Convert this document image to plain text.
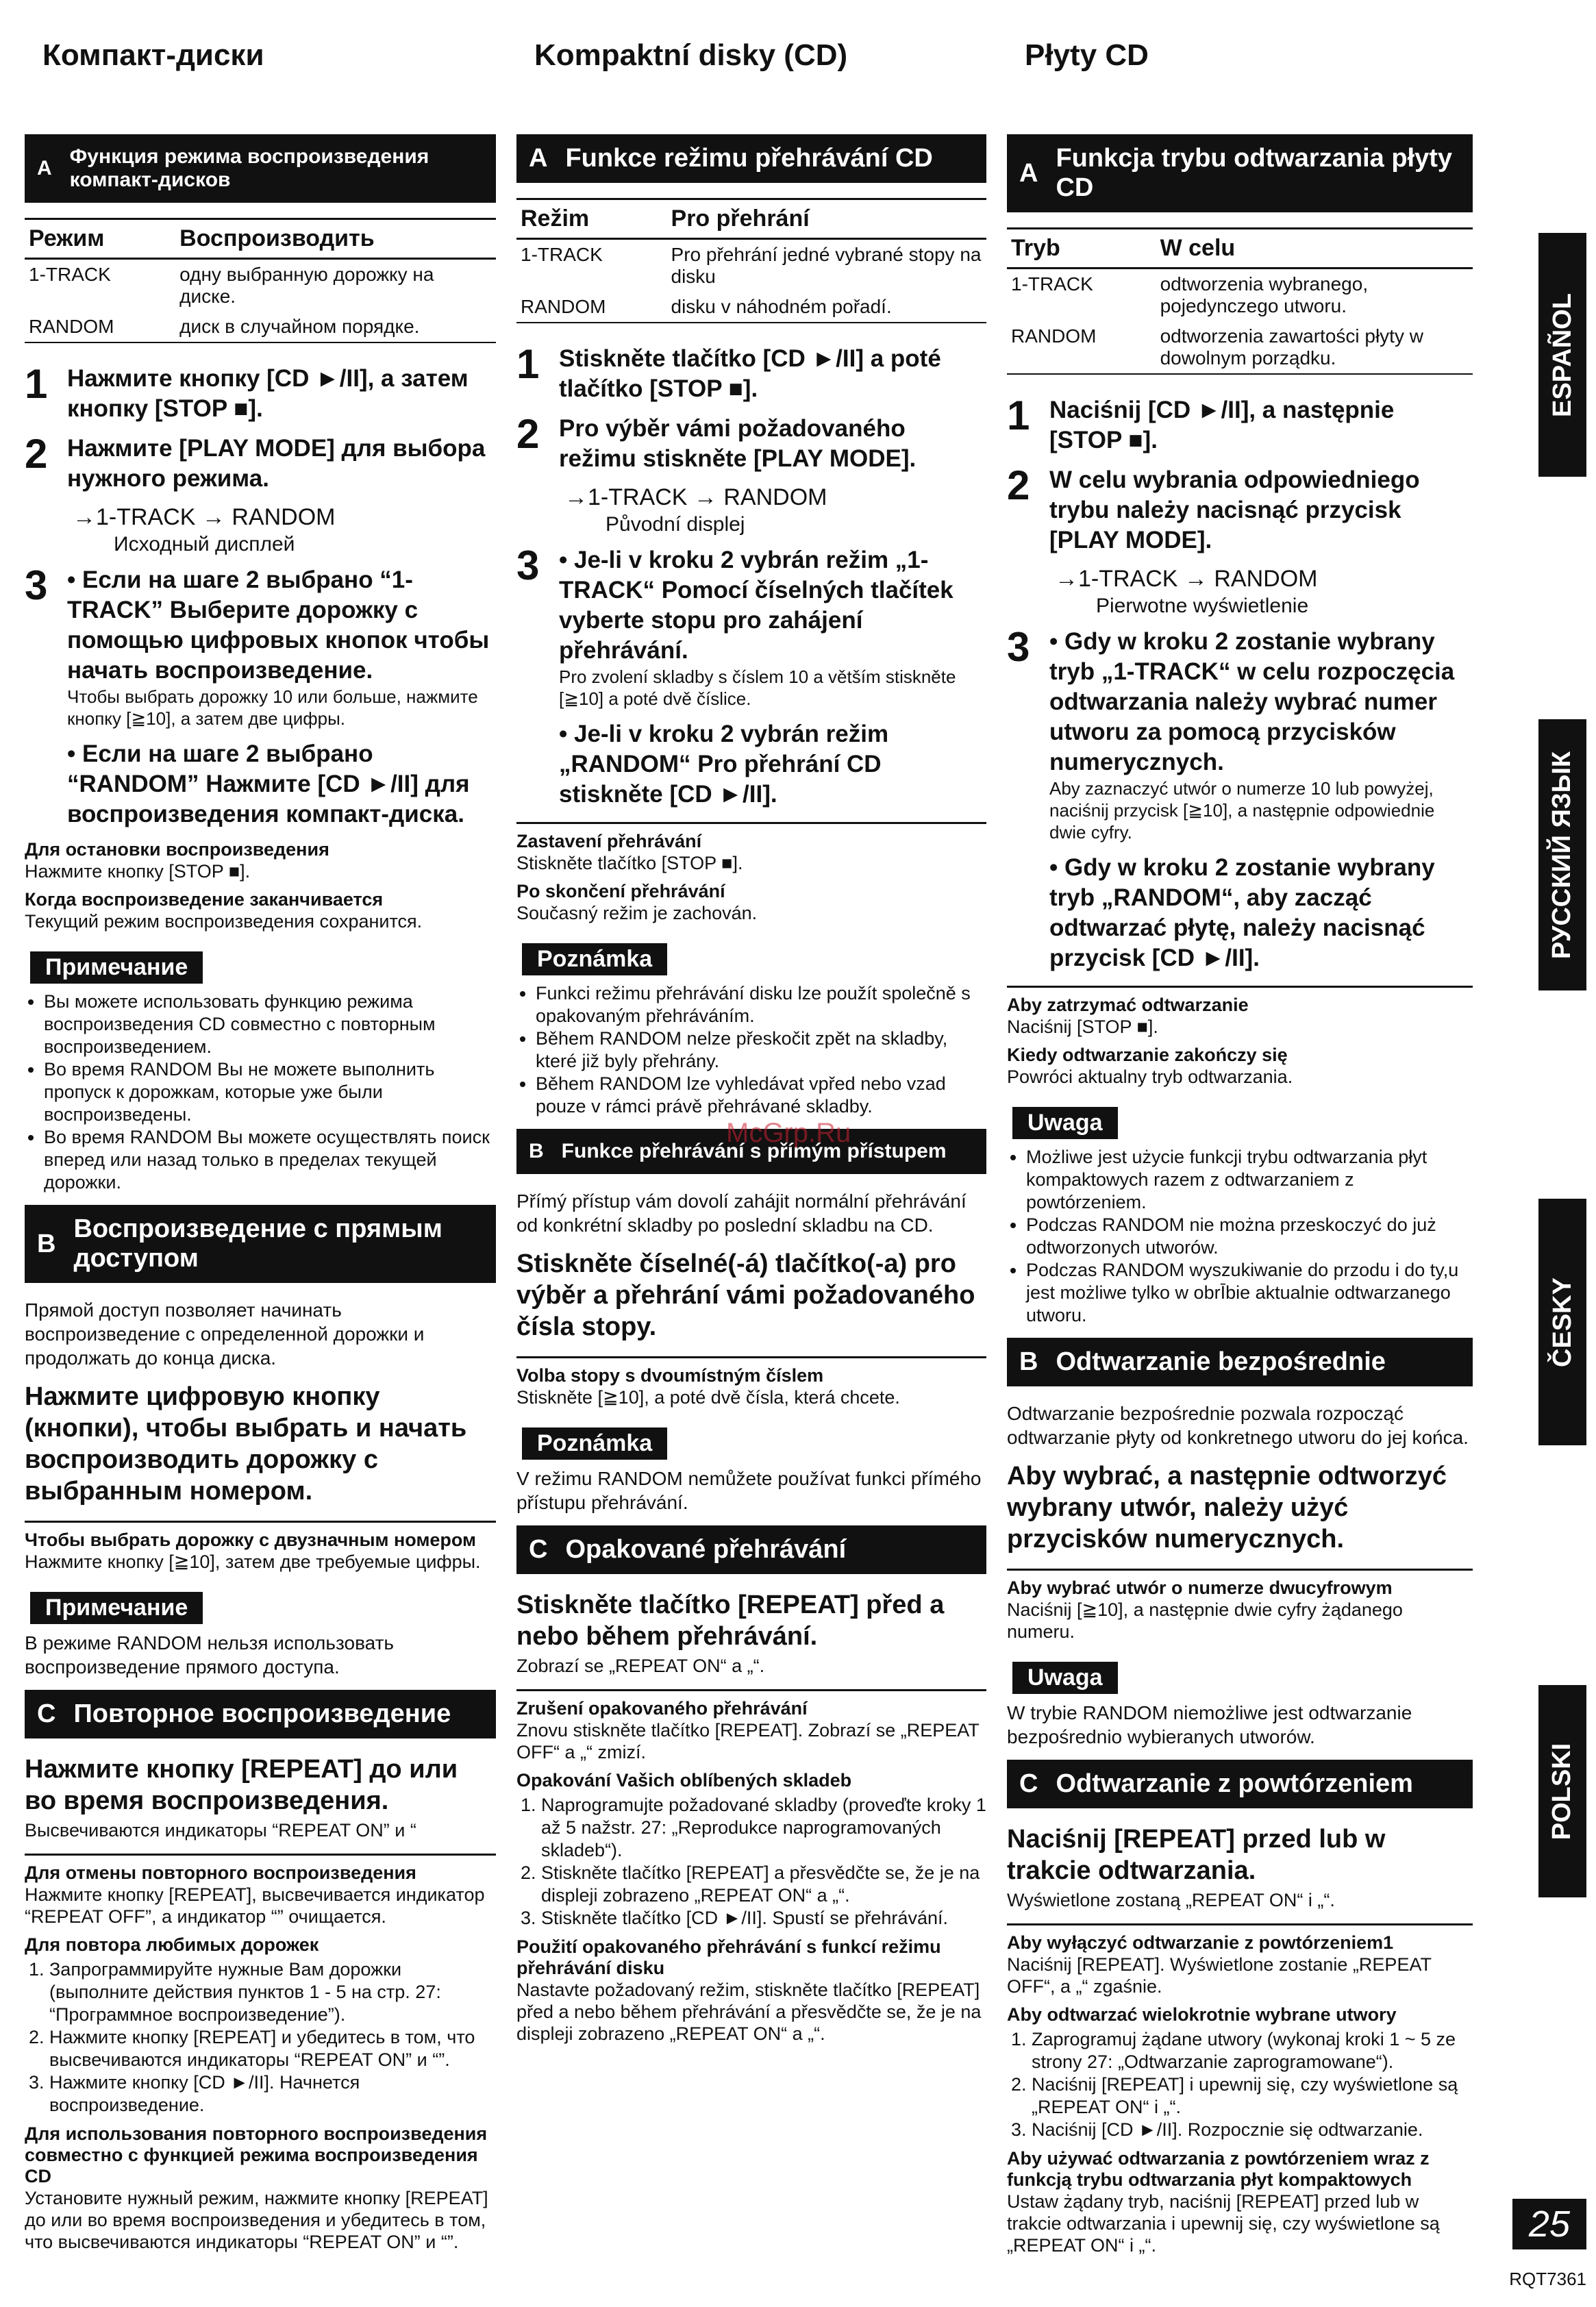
Компакт-диски
A
Функция режима воспроизведения компакт-дисков
Режим	Воспроизводить
1-TRACK	одну выбранную дорожку на диске.
RANDOM	диск в случайном порядке.
1 Нажмите кнопку [CD ►/II], а затем кнопку [STOP ■].
2 Нажмите [PLAY MODE] для выбора нужного режима.
→1-TRACK → RANDOM
Исходный дисплей
3 • Если на шаге 2 выбрано “1-TRACK” Выберите дорожку с помощью цифровых кнопок чтобы начать воспроизведение.
Чтобы выбрать дорожку 10 или больше, нажмите кнопку [≧10], а затем две цифры.
• Если на шаге 2 выбрано “RANDOM” Нажмите [CD ►/II] для воспроизведения компакт-диска.
Для остановки воспроизведения
Нажмите кнопку [STOP ■].
Когда воспроизведение заканчивается
Текущий режим воспроизведения сохранится.
Примечание
• Вы можете использовать функцию режима воспроизведения CD совместно с повторным воспроизведением.
• Во время RANDOM Вы не можете выполнить пропуск к дорожкам, которые уже были воспроизведены.
• Во время RANDOM Вы можете осуществлять поиск вперед или назад только в пределах текущей дорожки.
B
Воспроизведение с прямым доступом
Прямой доступ позволяет начинать воспроизведение с определенной дорожки и продолжать до конца диска.
Нажмите цифровую кнопку (кнопки), чтобы выбрать и начать воспроизводить дорожку с выбранным номером.
Чтобы выбрать дорожку с двузначным номером
Нажмите кнопку [≧10], затем две требуемые цифры.
Примечание
В режиме RANDOM нельзя использовать воспроизведение прямого доступа.
C Повторное воспроизведение
Нажмите кнопку [REPEAT] до или во время воспроизведения.
Высвечиваются индикаторы “REPEAT ON” и “
Для отмены повторного воспроизведения
Нажмите кнопку [REPEAT], высвечивается индикатор “REPEAT OFF”, а индикатор “” очищается.
Для повтора любимых дорожек
1. Запрограммируйте нужные Вам дорожки (выполните действия пунктов 1 - 5 на стр. 27: “Программное воспроизведение”).
2. Нажмите кнопку [REPEAT] и убедитесь в том, что высвечиваются индикаторы “REPEAT ON” и “”.
3. Нажмите кнопку [CD ►/II]. Начнется воспроизведение.
Для использования повторного воспроизведения совместно с функцией режима воспроизведения CD
Установите нужный режим, нажмите кнопку [REPEAT] до или во время воспроизведения и убедитесь в том, что высвечиваются индикаторы “REPEAT ON” и “”.
Kompaktní disky (CD)
A Funkce režimu přehrávání CD
Režim	Pro přehrání
1-TRACK	Pro přehrání jedné vybrané stopy na disku
RANDOM	disku v náhodném pořadí.
1 Stiskněte tlačítko [CD ►/II] a poté tlačítko [STOP ■].
2 Pro výběr vámi požadovaného režimu stiskněte [PLAY MODE].
→1-TRACK → RANDOM
Původní displej
3 • Je-li v kroku 2 vybrán režim „1-TRACK“ Pomocí číselných tlačítek vyberte stopu pro zahájení přehrávání.
Pro zvolení skladby s číslem 10 a větším stiskněte [≧10] a poté dvě číslice.
• Je-li v kroku 2 vybrán režim „RANDOM“ Pro přehrání CD stiskněte [CD ►/II].
Zastavení přehrávání
Stiskněte tlačítko [STOP ■].
Po skončení přehrávání
Současný režim je zachován.
Poznámka
• Funkci režimu přehrávání disku lze použít společně s opakovaným přehráváním.
• Během RANDOM nelze přeskočit zpět na skladby, které již byly přehrány.
• Během RANDOM lze vyhledávat vpřed nebo vzad pouze v rámci právě přehrávané skladby.
B Funkce přehrávání s přímým přístupem
Přímý přístup vám dovolí zahájit normální přehrávání od konkrétní skladby po poslední skladbu na CD.
Stiskněte číselné(-á) tlačítko(-a) pro výběr a přehrání vámi požadovaného čísla stopy.
Volba stopy s dvoumístným číslem
Stiskněte [≧10], a poté dvě čísla, která chcete.
Poznámka
V režimu RANDOM nemůžete používat funkci přímého přístupu přehrávání.
C Opakované přehrávání
Stiskněte tlačítko [REPEAT] před a nebo během přehrávání.
Zobrazí se „REPEAT ON“ a „“.
Zrušení opakovaného přehrávání
Znovu stiskněte tlačítko [REPEAT]. Zobrazí se „REPEAT OFF“ a „“ zmizí.
Opakování Vašich oblíbených skladeb
1. Naprogramujte požadované skladby (proveďte kroky 1 až 5 nažstr. 27: „Reprodukce naprogramovaných skladeb“).
2. Stiskněte tlačítko [REPEAT] a přesvědčte se, že je na displeji zobrazeno „REPEAT ON“ a „“.
3. Stiskněte tlačítko [CD ►/II]. Spustí se přehrávání.
Použití opakovaného přehrávání s funkcí režimu přehrávání disku
Nastavte požadovaný režim, stiskněte tlačítko [REPEAT] před a nebo během přehrávání a přesvědčte se, že je na displeji zobrazeno „REPEAT ON“ a „“.
Płyty CD
A
Funkcja trybu odtwarzania płyty CD
Tryb	W celu
1-TRACK	odtworzenia wybranego, pojedynczego utworu.
RANDOM	odtworzenia zawartości płyty w dowolnym porządku.
1 Naciśnij [CD ►/II], a następnie [STOP ■].
2 W celu wybrania odpowiedniego trybu należy nacisnąć przycisk [PLAY MODE].
→1-TRACK → RANDOM
Pierwotne wyświetlenie
3 • Gdy w kroku 2 zostanie wybrany tryb „1-TRACK“ w celu rozpoczęcia odtwarzania należy wybrać numer utworu za pomocą przycisków numerycznych.
Aby zaznaczyć utwór o numerze 10 lub powyżej, naciśnij przycisk [≧10], a następnie odpowiednie dwie cyfry.
• Gdy w kroku 2 zostanie wybrany tryb „RANDOM“, aby zacząć odtwarzać płytę, należy nacisnąć przycisk [CD ►/II].
Aby zatrzymać odtwarzanie
Naciśnij [STOP ■].
Kiedy odtwarzanie zakończy się
Powróci aktualny tryb odtwarzania.
Uwaga
• Możliwe jest użycie funkcji trybu odtwarzania płyt kompaktowych razem z odtwarzaniem z powtórzeniem.
• Podczas RANDOM nie można przeskoczyć do już odtworzonych utworów.
• Podczas RANDOM wyszukiwanie do przodu i do ty,u jest możliwe tylko w obrĪbie aktualnie odtwarzanego utworu.
B Odtwarzanie bezpośrednie
Odtwarzanie bezpośrednie pozwala rozpocząć odtwarzanie płyty od konkretnego utworu do jej końca.
Aby wybrać, a następnie odtworzyć wybrany utwór, należy użyć przycisków numerycznych.
Aby wybrać utwór o numerze dwucyfrowym
Naciśnij [≧10], a następnie dwie cyfry żądanego numeru.
Uwaga
W trybie RANDOM niemożliwe jest odtwarzanie bezpośrednio wybieranych utworów.
C Odtwarzanie z powtórzeniem
Naciśnij [REPEAT] przed lub w trakcie odtwarzania.
Wyświetlone zostaną „REPEAT ON“ i „“.
Aby wyłączyć odtwarzanie z powtórzeniem1
Naciśnij [REPEAT]. Wyświetlone zostanie „REPEAT OFF“, a „“ zgaśnie.
Aby odtwarzać wielokrotnie wybrane utwory
1. Zaprogramuj żądane utwory (wykonaj kroki 1 ~ 5 ze strony 27: „Odtwarzanie zaprogramowane“).
2. Naciśnij [REPEAT] i upewnij się, czy wyświetlone są „REPEAT ON“ i „“.
3. Naciśnij [CD ►/II]. Rozpocznie się odtwarzanie.
Aby używać odtwarzania z powtórzeniem wraz z funkcją trybu odtwarzania płyt kompaktowych
Ustaw żądany tryb, naciśnij [REPEAT] przed lub w trakcie odtwarzania i upewnij się, czy wyświetlone są „REPEAT ON“ i „“.
ESPAÑOL
РУССКИЙ ЯЗЫК
ČESKY
POLSKI
McGrp.Ru
25
RQT7361
